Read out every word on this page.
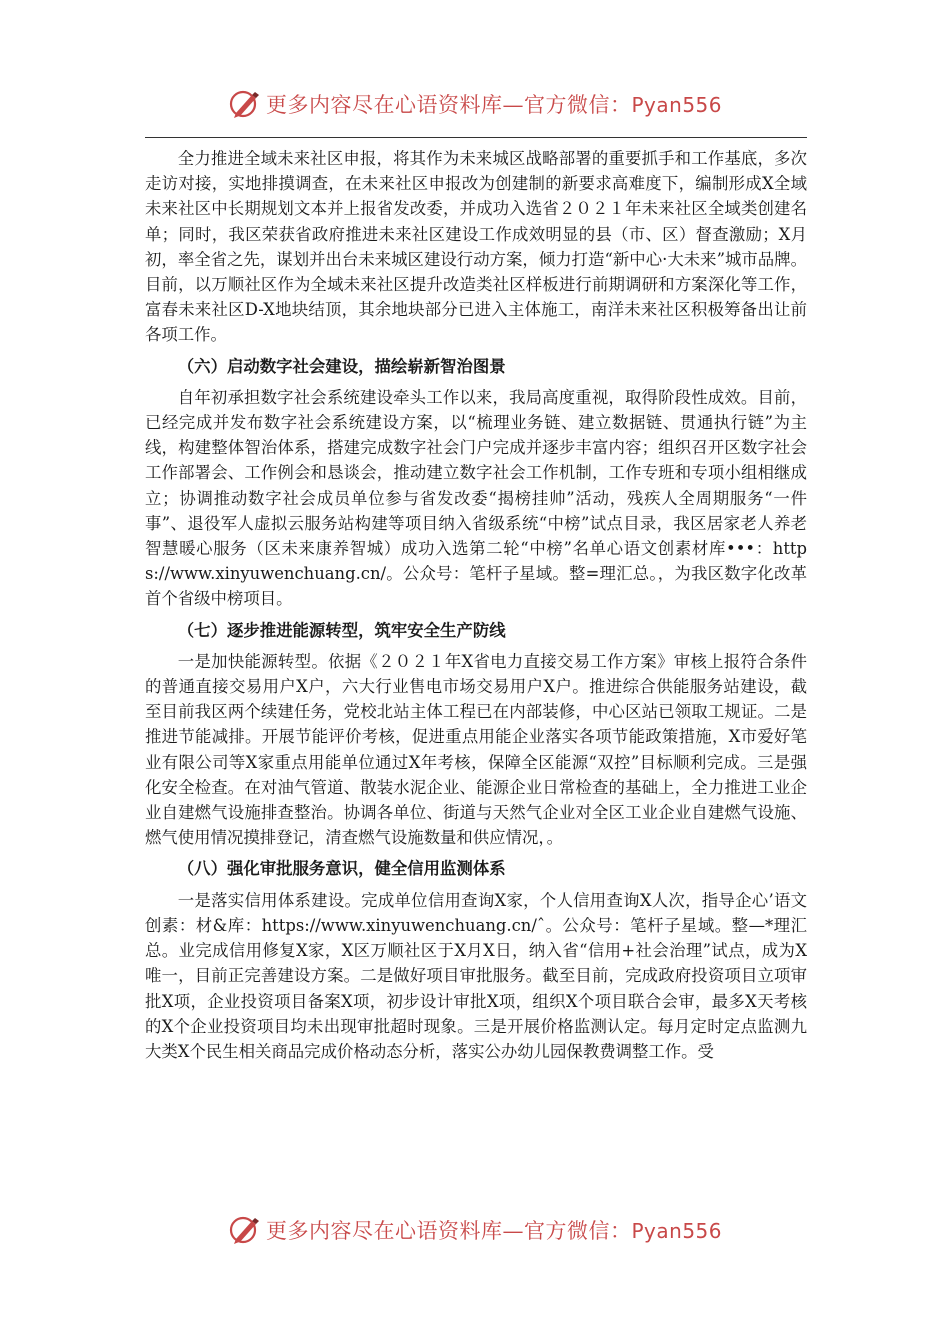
更多内容尽在心语资料库—官方微信：Pyan556

全力推进全域未来社区申报，将其作为未来城区战略部署的重要抓手和工作基底，多次走访对接，实地排摸调查，在未来社区申报改为创建制的新要求高难度下，编制形成X全域未来社区中长期规划文本并上报省发改委，并成功入选省２０２１年未来社区全域类创建名单；同时，我区荣获省政府推进未来社区建设工作成效明显的县（市、区）督查激励；X月初，率全省之先，谋划并出台未来城区建设行动方案，倾力打造“新中心·大未来”城市品牌。目前，以万顺社区作为全域未来社区提升改造类社区样板进行前期调研和方案深化等工作，富春未来社区D-X地块结顶，其余地块部分已进入主体施工，南洋未来社区积极筹备出让前各项工作。

（六）启动数字社会建设，描绘崭新智治图景

自年初承担数字社会系统建设牵头工作以来，我局高度重视，取得阶段性成效。目前，已经完成并发布数字社会系统建设方案，以“梳理业务链、建立数据链、贯通执行链”为主线，构建整体智治体系，搭建完成数字社会门户完成并逐步丰富内容；组织召开区数字社会工作部署会、工作例会和恳谈会，推动建立数字社会工作机制，工作专班和专项小组相继成立；协调推动数字社会成员单位参与省发改委“揭榜挂帅”活动，残疾人全周期服务“一件事”、退役军人虚拟云服务站构建等项目纳入省级系统“中榜”试点目录，我区居家老人养老智慧暖心服务（区未来康养智城）成功入选第二轮“中榜”名单心语文创素材库•••：https://www.xinyuwenchuang.cn/。公众号：笔杆子星域。整=理汇总。，为我区数字化改革首个省级中榜项目。

（七）逐步推进能源转型，筑牢安全生产防线

一是加快能源转型。依据《２０２１年X省电力直接交易工作方案》审核上报符合条件的普通直接交易用户X户，六大行业售电市场交易用户X户。推进综合供能服务站建设，截至目前我区两个续建任务，党校北站主体工程已在内部装修，中心区站已领取工规证。二是推进节能减排。开展节能评价考核，促进重点用能企业落实各项节能政策措施，X市爱好笔业有限公司等X家重点用能单位通过X年考核，保障全区能源“双控”目标顺利完成。三是强化安全检查。在对油气管道、散装水泥企业、能源企业日常检查的基础上，全力推进工业企业自建燃气设施排查整治。协调各单位、街道与天然气企业对全区工业企业自建燃气设施、燃气使用情况摸排登记，清查燃气设施数量和供应情况，。

（八）强化审批服务意识，健全信用监测体系

一是落实信用体系建设。完成单位信用查询X家，个人信用查询X人次，指导企心’语文创素：材&库：https://www.xinyuwenchuang.cn/ˆ。公众号：笔杆子星域。整—*理汇总。业完成信用修复X家，X区万顺社区于X月X日，纳入省“信用+社会治理”试点，成为X唯一，目前正完善建设方案。二是做好项目审批服务。截至目前，完成政府投资项目立项审批X项，企业投资项目备案X项，初步设计审批X项，组织X个项目联合会审，最多X天考核的X个企业投资项目均未出现审批超时现象。三是开展价格监测认定。每月定时定点监测九大类X个民生相关商品完成价格动态分析，落实公办幼儿园保教费调整工作。受

更多内容尽在心语资料库—官方微信：Pyan556
